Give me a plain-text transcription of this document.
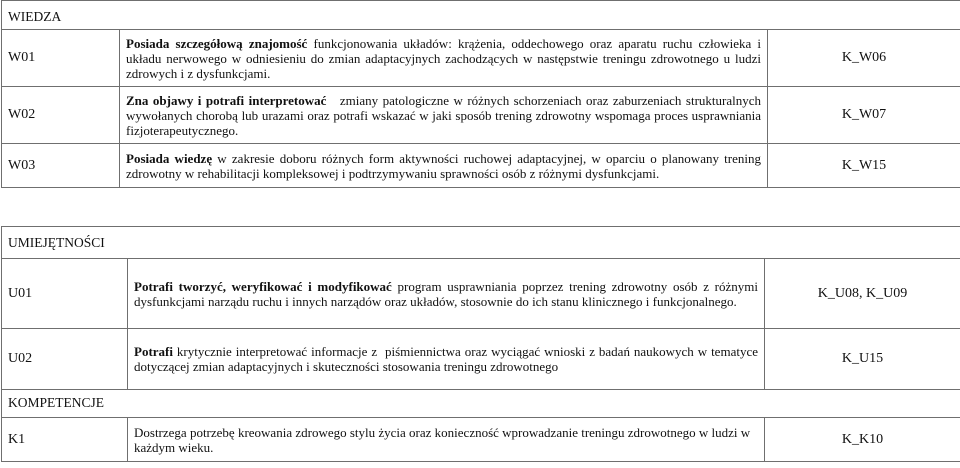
WIEDZA		
W01	Posiada szczegółową znajomość funkcjonowania układów: krążenia, oddechowego oraz aparatu ruchu człowieka i układu nerwowego w odniesieniu do zmian adaptacyjnych zachodzących w następstwie treningu zdrowotnego u ludzi zdrowych i z dysfunkcjami.	K_W06
W02	Zna objawy i potrafi interpretować   zmiany patologiczne w różnych schorzeniach oraz zaburzeniach strukturalnych wywołanych chorobą lub urazami oraz potrafi wskazać w jaki sposób trening zdrowotny wspomaga proces usprawniania fizjoterapeutycznego.	K_W07
W03	Posiada wiedzę w zakresie doboru różnych form aktywności ruchowej adaptacyjnej, w oparciu o planowany trening zdrowotny w rehabilitacji kompleksowej i podtrzymywaniu sprawności osób z różnymi dysfunkcjami.	K_W15
UMIEJĘTNOŚCI		
U01	Potrafi tworzyć, weryfikować i modyfikować program usprawniania poprzez trening zdrowotny osób z różnymi dysfunkcjami narządu ruchu i innych narządów oraz układów, stosownie do ich stanu klinicznego i funkcjonalnego.	K_U08, K_U09
U02	Potrafi krytycznie interpretować informacje z  piśmiennictwa oraz wyciągać wnioski z badań naukowych w tematyce dotyczącej zmian adaptacyjnych i skuteczności stosowania treningu zdrowotnego	K_U15
KOMPETENCJE		
K1	Dostrzega potrzebę kreowania zdrowego stylu życia oraz konieczność wprowadzanie treningu zdrowotnego w ludzi w każdym wieku.	K_K10
